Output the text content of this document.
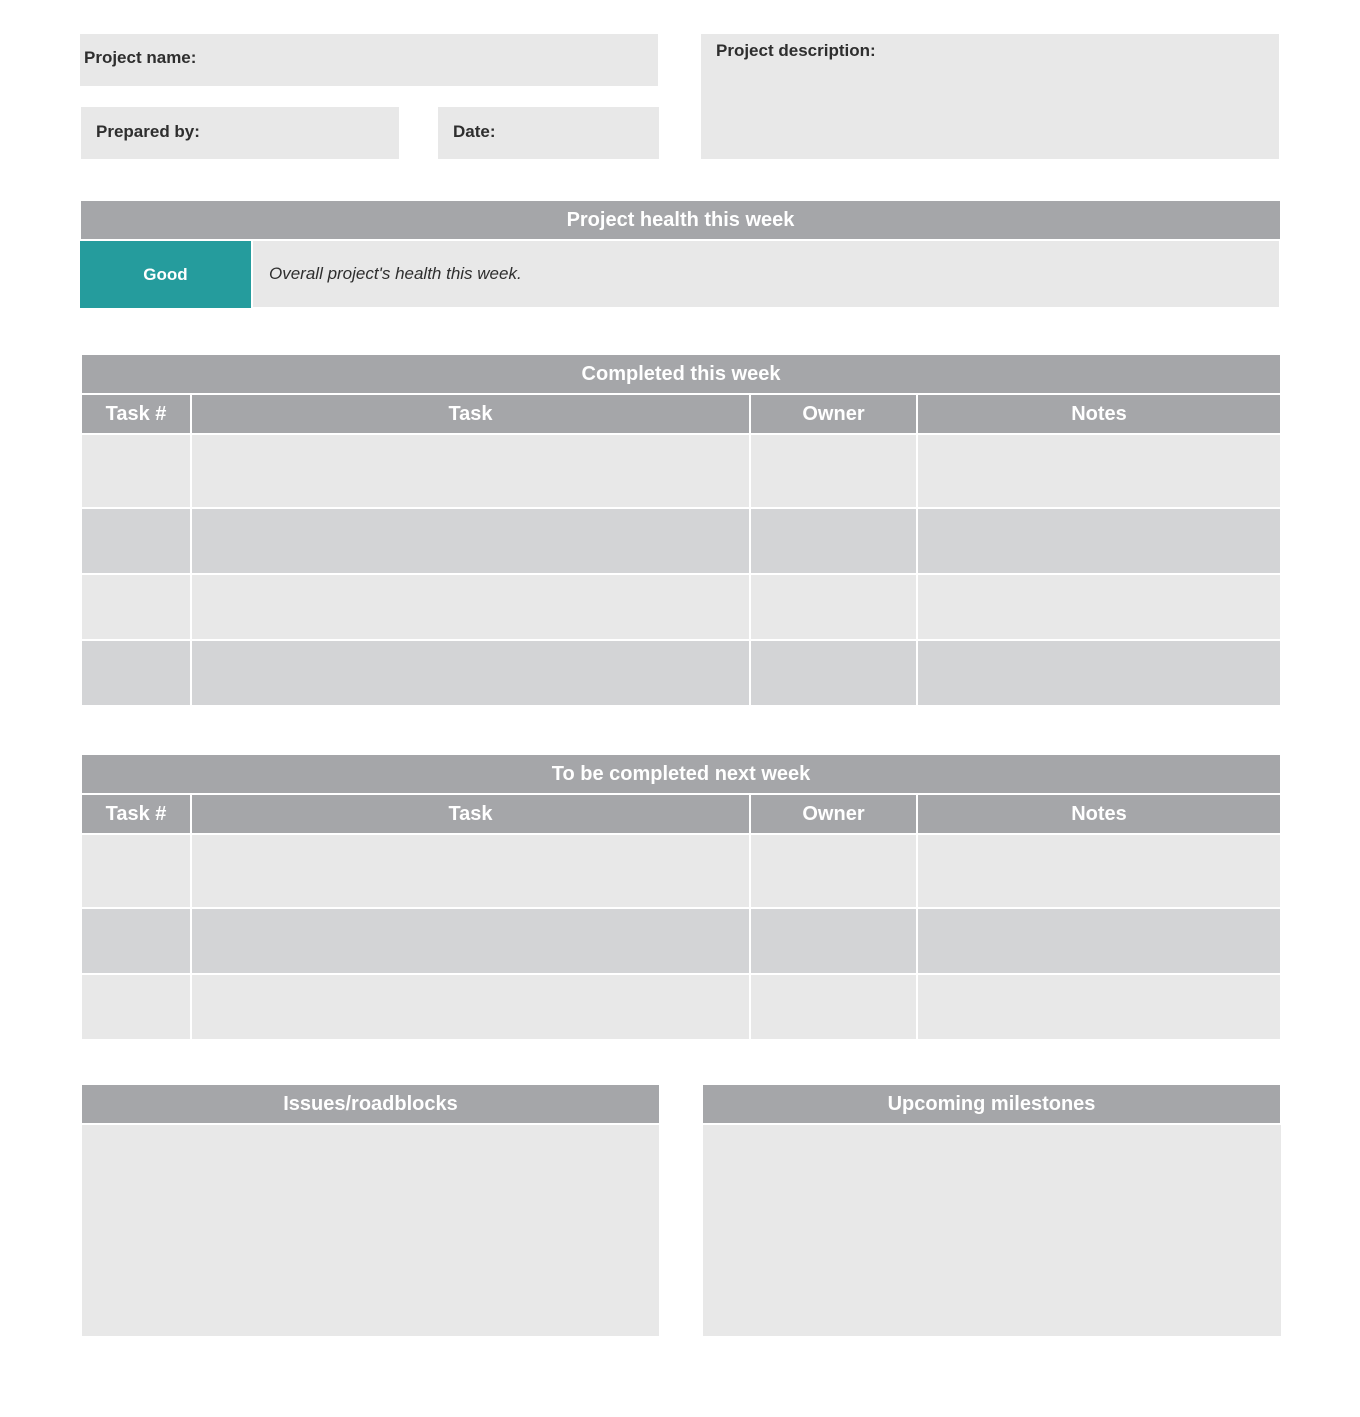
Project name:
Prepared by:	Date:
Project description:
Project health this week
Good	Overall project's health this week.
Completed this week			
Task #	Task	Owner	Notes

To be completed next week			
Task #	Task	Owner	Notes

Issues/roadblocks	Upcoming milestones
